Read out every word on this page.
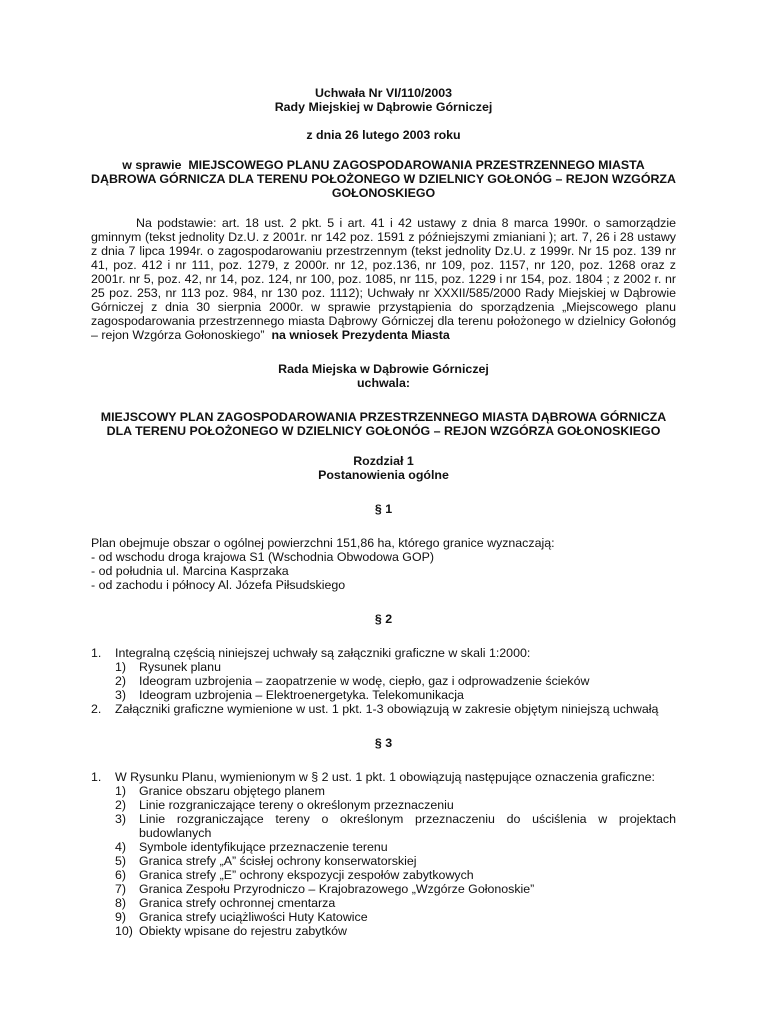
Uchwała Nr VI/110/2003
Rady Miejskiej w Dąbrowie Górniczej
z dnia 26 lutego 2003 roku
w sprawie MIEJSCOWEGO PLANU ZAGOSPODAROWANIA PRZESTRZENNEGO MIASTA DĄBROWA GÓRNICZA DLA TERENU POŁOŻONEGO W DZIELNICY GOŁONÓG – REJON WZGÓRZA GOŁONOSKIEGO
Na podstawie: art. 18 ust. 2 pkt. 5 i art. 41 i 42 ustawy z dnia 8 marca 1990r. o samorządzie gminnym (tekst jednolity Dz.U. z 2001r. nr 142 poz. 1591 z późniejszymi zmianiani ); art. 7, 26 i 28 ustawy z dnia 7 lipca 1994r. o zagospodarowaniu przestrzennym (tekst jednolity Dz.U. z 1999r. Nr 15 poz. 139 nr 41, poz. 412 i nr 111, poz. 1279, z 2000r. nr 12, poz.136, nr 109, poz. 1157, nr 120, poz. 1268 oraz z 2001r. nr 5, poz. 42, nr 14, poz. 124, nr 100, poz. 1085, nr 115, poz. 1229 i nr 154, poz. 1804 ; z 2002 r. nr 25 poz. 253, nr 113 poz. 984, nr 130 poz. 1112); Uchwały nr XXXII/585/2000 Rady Miejskiej w Dąbrowie Górniczej z dnia 30 sierpnia 2000r. w sprawie przystąpienia do sporządzenia „Miejscowego planu zagospodarowania przestrzennego miasta Dąbrowy Górniczej dla terenu położonego w dzielnicy Gołonóg – rejon Wzgórza Gołonoskiego” na wniosek Prezydenta Miasta
Rada Miejska w Dąbrowie Górniczej
uchwala:
MIEJSCOWY PLAN ZAGOSPODAROWANIA PRZESTRZENNEGO MIASTA DĄBROWA GÓRNICZA DLA TERENU POŁOŻONEGO W DZIELNICY GOŁONÓG – REJON WZGÓRZA GOŁONOSKIEGO
Rozdział 1
Postanowienia ogólne
§ 1
Plan obejmuje obszar o ogólnej powierzchni 151,86 ha, którego granice wyznaczają:
- od wschodu droga krajowa S1 (Wschodnia Obwodowa GOP)
- od południa ul. Marcina Kasprzaka
- od zachodu i północy Al. Józefa Piłsudskiego
§ 2
1. Integralną częścią niniejszej uchwały są załączniki graficzne w skali 1:2000:
1) Rysunek planu
2) Ideogram uzbrojenia – zaopatrzenie w wodę, ciepło, gaz i odprowadzenie ścieków
3) Ideogram uzbrojenia – Elektroenergetyka. Telekomunikacja
2. Załączniki graficzne wymienione w ust. 1 pkt. 1-3 obowiązują w zakresie objętym niniejszą uchwałą
§ 3
1. W Rysunku Planu, wymienionym w § 2 ust. 1 pkt. 1 obowiązują następujące oznaczenia graficzne:
1) Granice obszaru objętego planem
2) Linie rozgraniczające tereny o określonym przeznaczeniu
3) Linie rozgraniczające tereny o określonym przeznaczeniu do uściślenia w projektach budowlanych
4) Symbole identyfikujące przeznaczenie terenu
5) Granica strefy „A” ścisłej ochrony konserwatorskiej
6) Granica strefy „E” ochrony ekspozycji zespołów zabytkowych
7) Granica Zespołu Przyrodniczo – Krajobrazowego „Wzgórze Gołonoskie”
8) Granica strefy ochronnej cmentarza
9) Granica strefy uciążliwości Huty Katowice
10) Obiekty wpisane do rejestru zabytków
